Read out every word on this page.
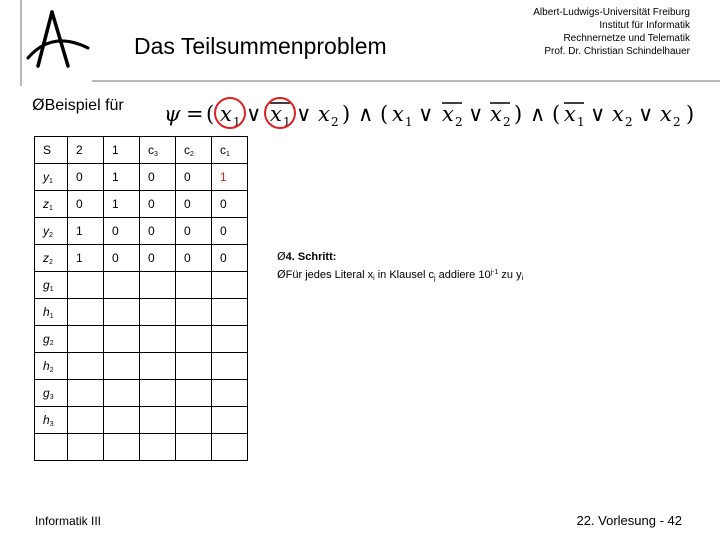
Das Teilsummenproblem
Albert-Ludwigs-Universität Freiburg
Institut für Informatik
Rechnernetze und Telematik
Prof. Dr. Christian Schindelhauer
ØBeispiel für ψ = ( x 1 ∨ x 1 ∨ x 2 ) ∧ ( x 1 ∨ x 2 ∨ x 2 ) ∧ ( x 1 ∨ x 2 ∨ x 2 )
S	2	1	$c_3$	$c_2$	$c_1$
$y_1$	0	1	0	0	1
$z_1$	0	1	0	0	0
$y_2$	1	0	0	0	0
$z_2$	1	0	0	0	0
$g_1$					
$h_1$					
$g_2$					
$h_2$					
$g_3$					
$h_3$					

Ø4. Schritt:
ØFür jedes Literal $x_i$ in Klausel $c_j$ addiere 10$^{j-1}$ zu $y_i$
Informatik III	22. Vorlesung - 42
